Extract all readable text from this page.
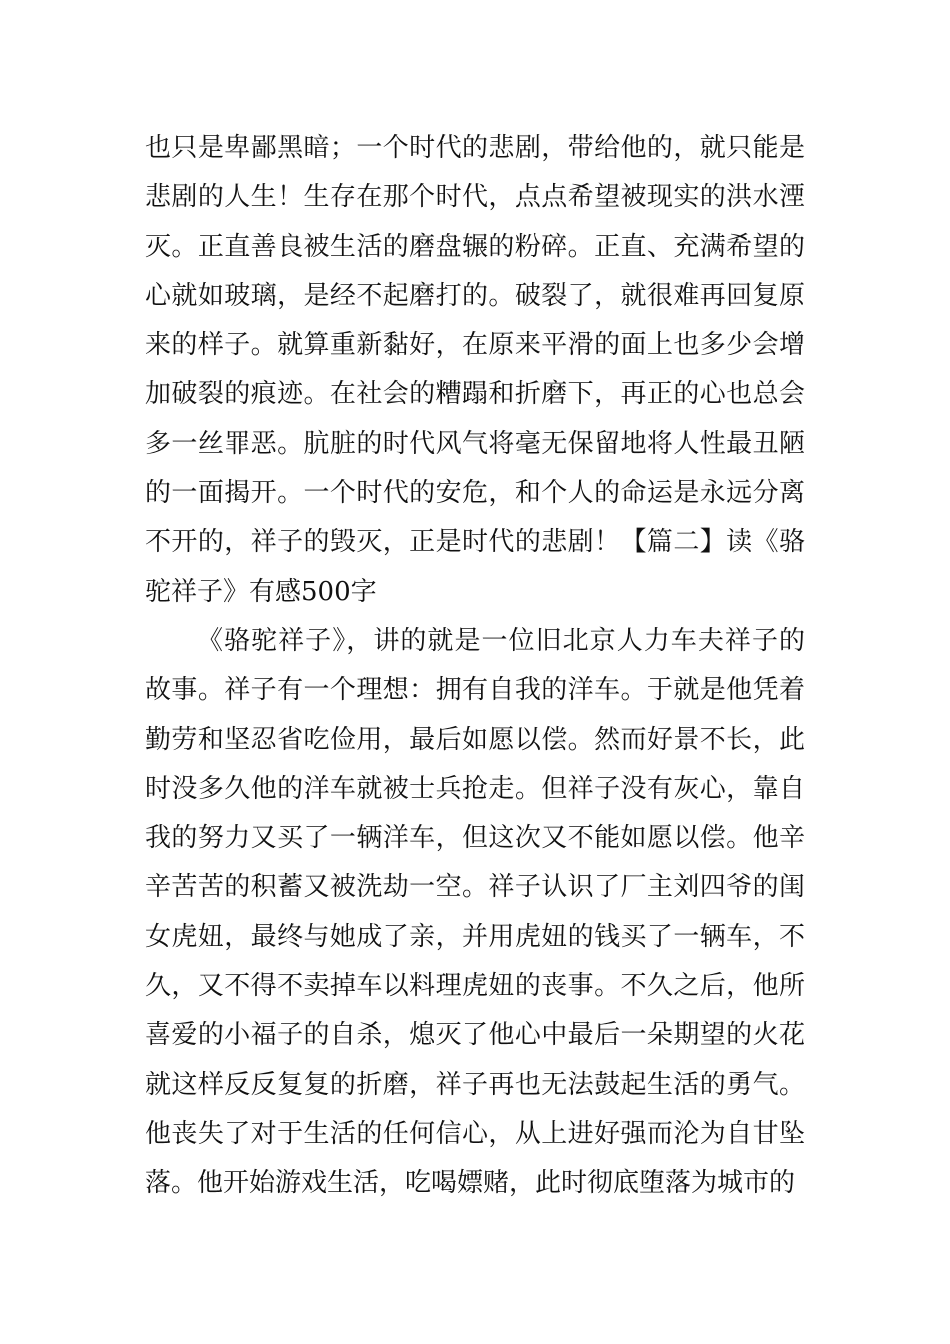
也只是卑鄙黑暗；一个时代的悲剧，带给他的，就只能是悲剧的人生！生存在那个时代，点点希望被现实的洪水湮灭。正直善良被生活的磨盘辗的粉碎。正直、充满希望的心就如玻璃，是经不起磨打的。破裂了，就很难再回复原来的样子。就算重新黏好，在原来平滑的面上也多少会增加破裂的痕迹。在社会的糟蹋和折磨下，再正的心也总会多一丝罪恶。肮脏的时代风气将毫无保留地将人性最丑陋的一面揭开。一个时代的安危，和个人的命运是永远分离不开的，祥子的毁灭，正是时代的悲剧！【篇二】读《骆驼祥子》有感500字

《骆驼祥子》，讲的就是一位旧北京人力车夫祥子的故事。祥子有一个理想：拥有自我的洋车。于就是他凭着勤劳和坚忍省吃俭用，最后如愿以偿。然而好景不长，此时没多久他的洋车就被士兵抢走。但祥子没有灰心，靠自我的努力又买了一辆洋车，但这次又不能如愿以偿。他辛辛苦苦的积蓄又被洗劫一空。祥子认识了厂主刘四爷的闺女虎妞，最终与她成了亲，并用虎妞的钱买了一辆车，不久，又不得不卖掉车以料理虎妞的丧事。不久之后，他所喜爱的小福子的自杀，熄灭了他心中最后一朵期望的火花就这样反反复复的折磨，祥子再也无法鼓起生活的勇气。他丧失了对于生活的任何信心，从上进好强而沦为自甘坠落。他开始游戏生活，吃喝嫖赌，此时彻底堕落为城市的
